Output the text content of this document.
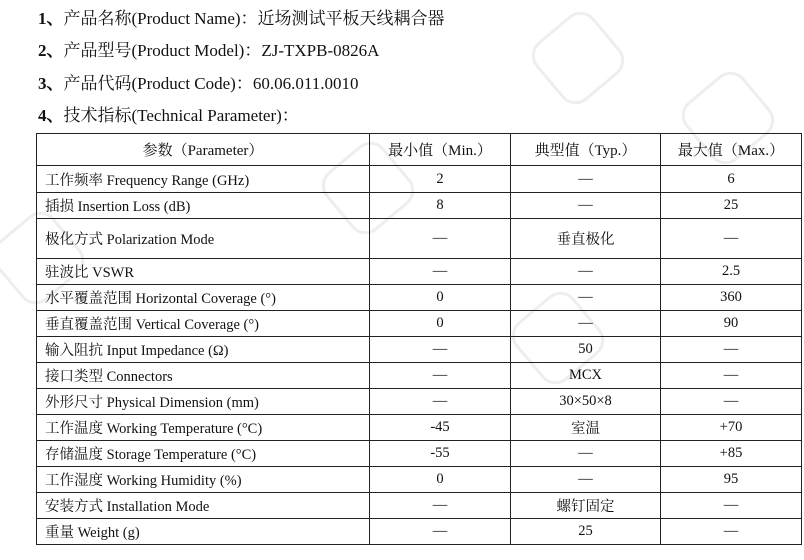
1、产品名称(Product Name)：近场测试平板天线耦合器
2、产品型号(Product Model)：ZJ-TXPB-0826A
3、产品代码(Product Code)：60.06.011.0010
4、技术指标(Technical Parameter)：
参数（Parameter）	最小值（Min.）	典型值（Typ.）	最大值（Max.）
工作频率 Frequency Range (GHz)	2	—	6
插损 Insertion Loss (dB)	8	—	25
极化方式 Polarization Mode	—	垂直极化	—
驻波比 VSWR	—	—	2.5
水平覆盖范围 Horizontal Coverage (°)	0	—	360
垂直覆盖范围 Vertical Coverage (°)	0	—	90
输入阻抗 Input Impedance (Ω)	—	50	—
接口类型 Connectors	—	MCX	—
外形尺寸 Physical Dimension (mm)	—	30×50×8	—
工作温度 Working Temperature (°C)	-45	室温	+70
存储温度 Storage Temperature (°C)	-55	—	+85
工作湿度 Working Humidity (%)	0	—	95
安装方式 Installation Mode	—	螺钉固定	—
重量 Weight (g)	—	25	—
